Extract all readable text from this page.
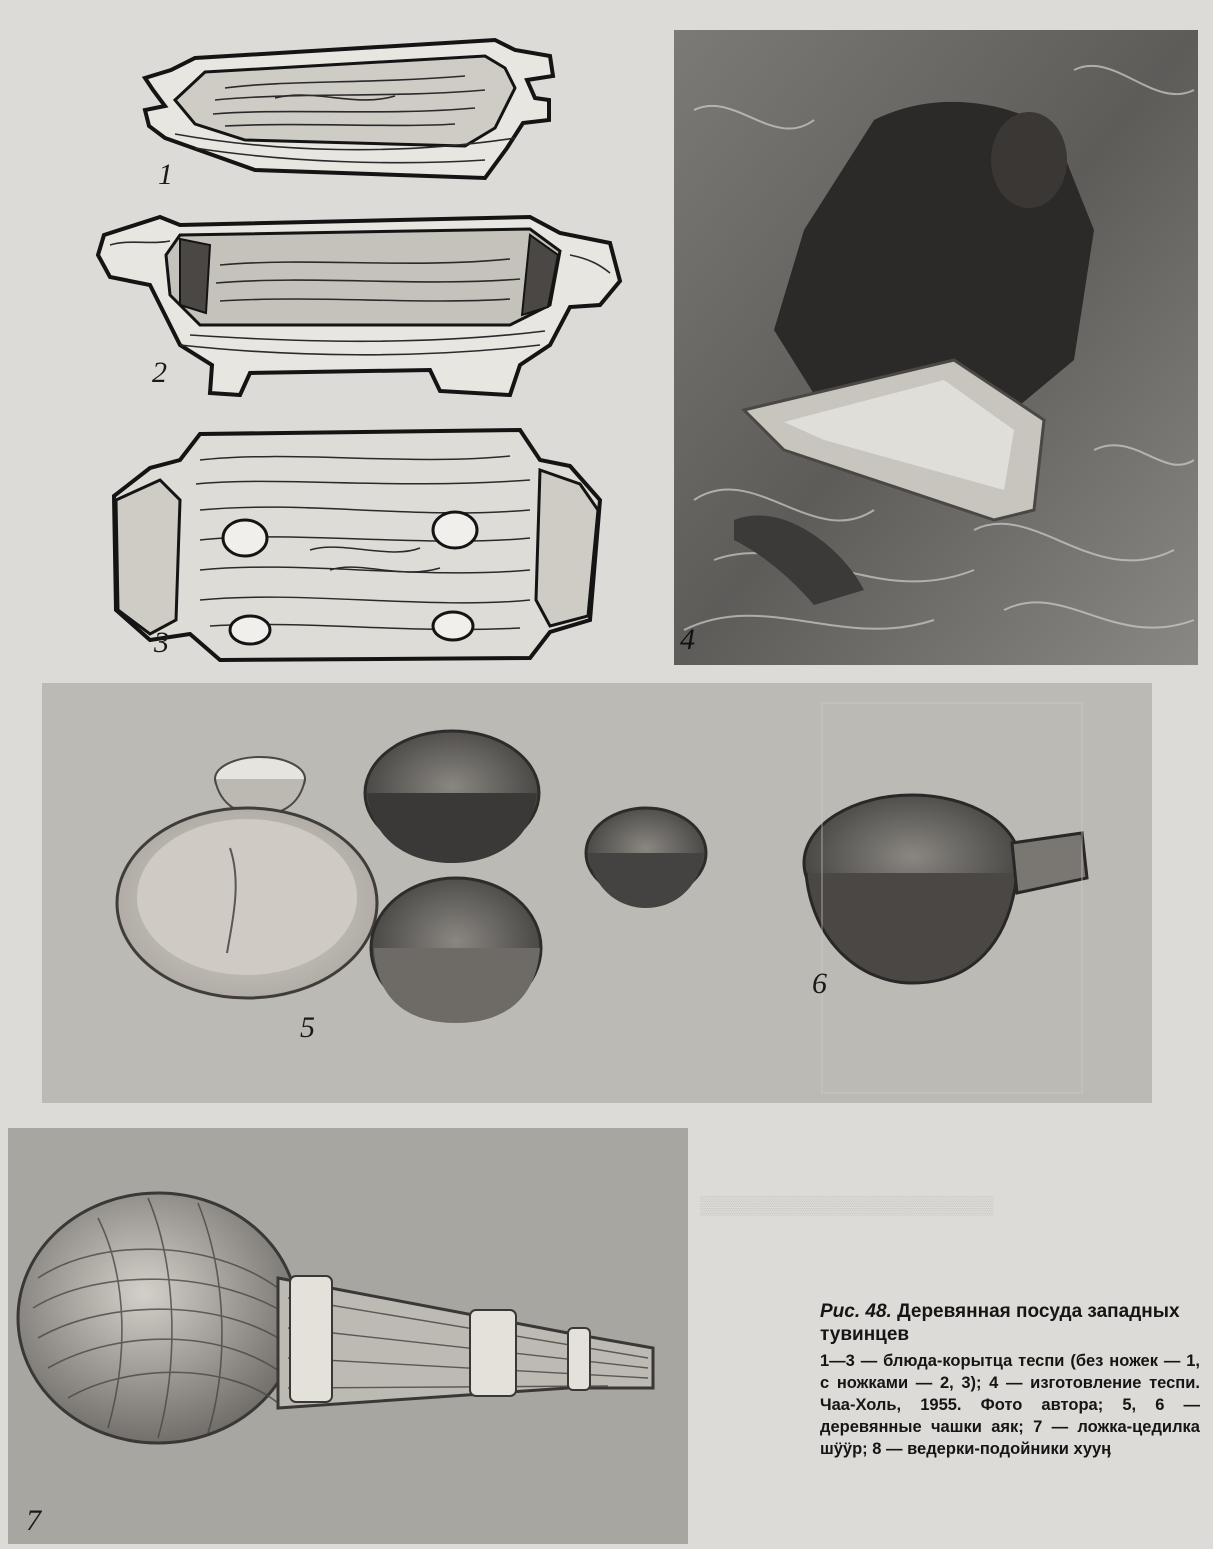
1
2
3	4
5
6
7
▒▒▒▒▒▒▒▒▒▒▒▒▒▒▒▒▒▒▒▒▒▒▒
Рис. 48. Деревянная посуда западных тувинцев
1—3 — блюда-корытца теспи (без ножек — 1, с ножками — 2, 3); 4 — изготовление теспи. Чаа-Холь, 1955. Фото автора; 5, 6 — деревянные чашки аяк; 7 — ложка-цедилка шӱӱр; 8 — ведерки-подойники хууӊ
